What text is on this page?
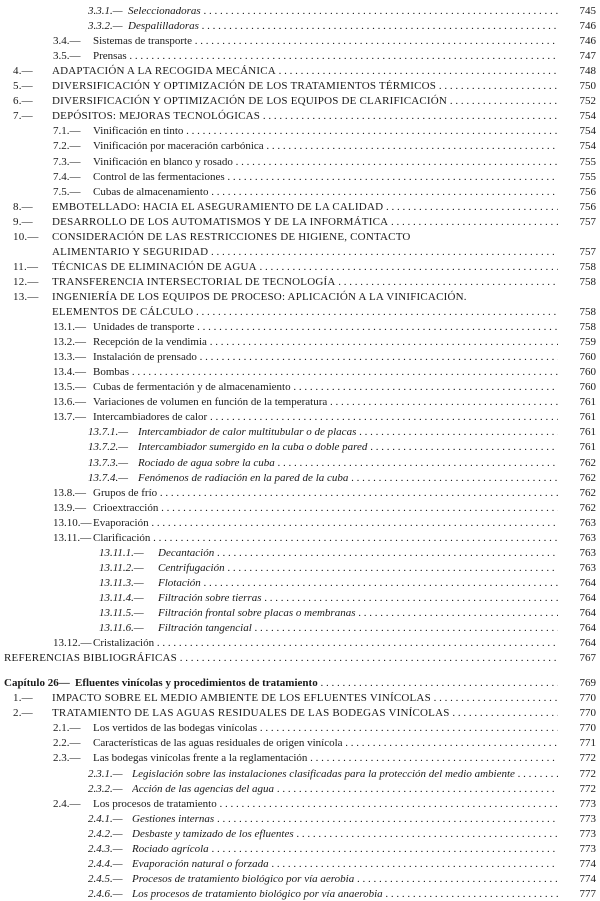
3.3.1.— Seleccionadoras . . .	745
3.3.2.— Despalilladoras . . .	746
3.4.— Sistemas de transporte . . .	746
3.5.— Prensas . . .	747
4.— ADAPTACIÓN A LA RECOGIDA MECÁNICA . . .	748
5.— DIVERSIFICACIÓN Y OPTIMIZACIÓN DE LOS TRATAMIENTOS TÉRMICOS . . .	750
6.— DIVERSIFICACIÓN Y OPTIMIZACIÓN DE LOS EQUIPOS DE CLARIFICACIÓN . . .	752
7.— DEPÓSITOS: MEJORAS TECNOLÓGICAS . . .	754
7.1.— Vinificación en tinto . . .	754
7.2.— Vinificación por maceración carbónica . . .	754
7.3.— Vinificación en blanco y rosado . . .	755
7.4.— Control de las fermentaciones . . .	755
7.5.— Cubas de almacenamiento . . .	756
8.— EMBOTELLADO: HACIA EL ASEGURAMIENTO DE LA CALIDAD . . .	756
9.— DESARROLLO DE LOS AUTOMATISMOS Y DE LA INFORMÁTICA . . .	757
10.— CONSIDERACIÓN DE LAS RESTRICCIONES DE HIGIENE, CONTACTO
ALIMENTARIO Y SEGURIDAD . . .	757
11.— TÉCNICAS DE ELIMINACIÓN DE AGUA . . .	758
12.— TRANSFERENCIA INTERSECTORIAL DE TECNOLOGÍA . . .	758
13.— INGENIERÍA DE LOS EQUIPOS DE PROCESO: APLICACIÓN A LA VINIFICACIÓN.
ELEMENTOS DE CÁLCULO . . .	758
13.1.— Unidades de transporte . . .	758
13.2.— Recepción de la vendimia . . .	759
13.3.— Instalación de prensado . . .	760
13.4.— Bombas . . .	760
13.5.— Cubas de fermentación y de almacenamiento . . .	760
13.6.— Variaciones de volumen en función de la temperatura . . .	761
13.7.— Intercambiadores de calor . . .	761
13.7.1.— Intercambiador de calor multitubular o de placas . . .	761
13.7.2.— Intercambiador sumergido en la cuba o doble pared . . .	761
13.7.3.— Rociado de agua sobre la cuba . . .	762
13.7.4.— Fenómenos de radiación en la pared de la cuba . . .	762
13.8.— Grupos de frío . . .	762
13.9.— Crioextracción . . .	762
13.10.— Evaporación . . .	763
13.11.— Clarificación . . .	763
13.11.1.— Decantación . . .	763
13.11.2.— Centrifugación . . .	763
13.11.3.— Flotación . . .	764
13.11.4.— Filtración sobre tierras . . .	764
13.11.5.— Filtración frontal sobre placas o membranas . . .	764
13.11.6.— Filtración tangencial . . .	764
13.12.— Cristalización . . .	764
REFERENCIAS BIBLIOGRÁFICAS . . .	767
Capítulo 26— Efluentes vinícolas y procedimientos de tratamiento . . .	769
1.— IMPACTO SOBRE EL MEDIO AMBIENTE DE LOS EFLUENTES VINÍCOLAS . . .	770
2.— TRATAMIENTO DE LAS AGUAS RESIDUALES DE LAS BODEGAS VINÍCOLAS . . .	770
2.1.— Los vertidos de las bodegas vinícolas . . .	770
2.2.— Características de las aguas residuales de origen vinícola . . .	771
2.3.— Las bodegas vinícolas frente a la reglamentación . . .	772
2.3.1.— Legislación sobre las instalaciones clasificadas para la protección del medio ambiente . . .	772
2.3.2.— Acción de las agencias del agua . . .	772
2.4.— Los procesos de tratamiento . . .	773
2.4.1.— Gestiones internas . . .	773
2.4.2.— Desbaste y tamizado de los efluentes . . .	773
2.4.3.— Rociado agrícola . . .	773
2.4.4.— Evaporación natural o forzada . . .	774
2.4.5.— Procesos de tratamiento biológico por vía aerobia . . .	774
2.4.6.— Los procesos de tratamiento biológico por vía anaerobia . . .	777
